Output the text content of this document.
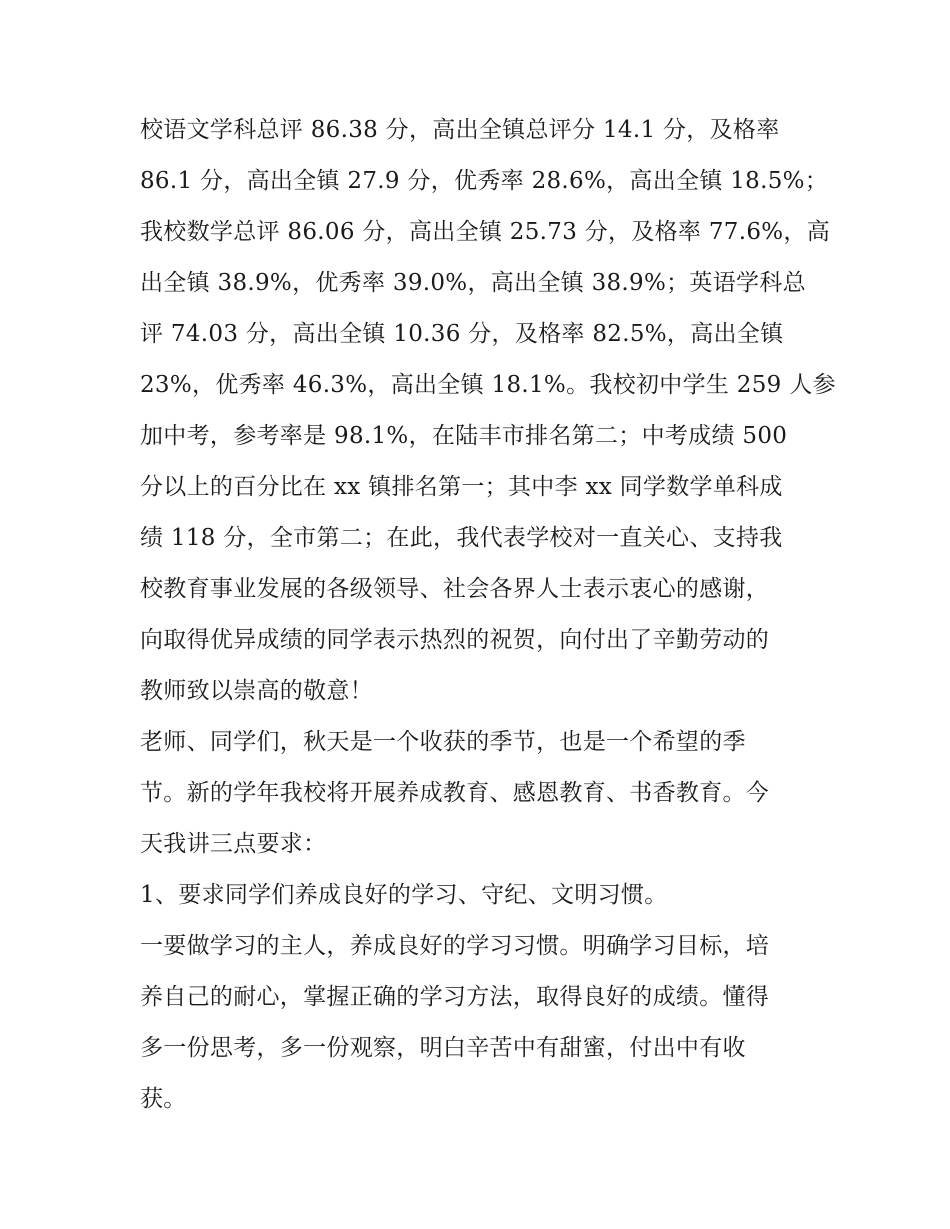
校语文学科总评 86.38 分，高出全镇总评分 14.1 分，及格率
86.1 分，高出全镇 27.9 分，优秀率 28.6%，高出全镇 18.5%；
我校数学总评 86.06 分，高出全镇 25.73 分，及格率 77.6%，高
出全镇 38.9%，优秀率 39.0%，高出全镇 38.9%；英语学科总
评 74.03 分，高出全镇 10.36 分，及格率 82.5%，高出全镇
23%，优秀率 46.3%，高出全镇 18.1%。我校初中学生 259 人参
加中考，参考率是 98.1%，在陆丰市排名第二；中考成绩 500
分以上的百分比在 xx 镇排名第一；其中李 xx 同学数学单科成
绩 118 分，全市第二；在此，我代表学校对一直关心、支持我
校教育事业发展的各级领导、社会各界人士表示衷心的感谢，
向取得优异成绩的同学表示热烈的祝贺，向付出了辛勤劳动的
教师致以崇高的敬意！
老师、同学们，秋天是一个收获的季节，也是一个希望的季
节。新的学年我校将开展养成教育、感恩教育、书香教育。今
天我讲三点要求：
1、要求同学们养成良好的学习、守纪、文明习惯。
一要做学习的主人，养成良好的学习习惯。明确学习目标，培
养自己的耐心，掌握正确的学习方法，取得良好的成绩。懂得
多一份思考，多一份观察，明白辛苦中有甜蜜，付出中有收
获。
